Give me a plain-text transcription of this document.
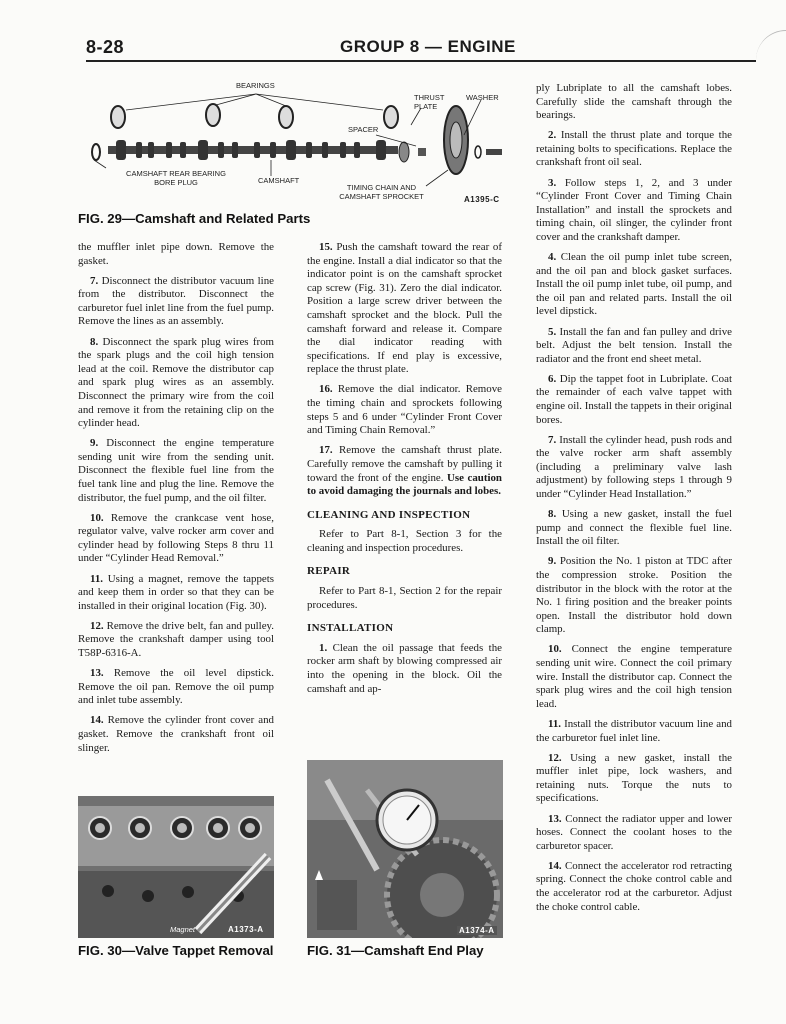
8-28	GROUP 8 — ENGINE
BEARINGS
THRUST PLATE
WASHER
SPACER
CAMSHAFT REAR BEARING BORE PLUG	CAMSHAFT
TIMING CHAIN AND CAMSHAFT SPROCKET	A1395-C
FIG. 29—Camshaft and Related Parts

the muffler inlet pipe down. Remove the gasket.

7. Disconnect the distributor vacuum line from the distributor. Disconnect the carburetor fuel inlet line from the fuel pump. Remove the lines as an assembly.

8. Disconnect the spark plug wires from the spark plugs and the coil high tension lead at the coil. Remove the distributor cap and spark plug wires as an assembly. Disconnect the primary wire from the coil and remove it from the retaining clip on the cylinder head.

9. Disconnect the engine temperature sending unit wire from the sending unit. Disconnect the flexible fuel line from the fuel tank line and plug the line. Remove the distributor, the fuel pump, and the oil filter.

10. Remove the crankcase vent hose, regulator valve, valve rocker arm cover and cylinder head by following Steps 8 thru 11 under “Cylinder Head Removal.”

11. Using a magnet, remove the tappets and keep them in order so that they can be installed in their original location (Fig. 30).

12. Remove the drive belt, fan and pulley. Remove the crankshaft damper using tool T58P-6316-A.

13. Remove the oil level dipstick. Remove the oil pan. Remove the oil pump and inlet tube assembly.

14. Remove the cylinder front cover and gasket. Remove the crankshaft front oil slinger.

Magnet	A1373-A
FIG. 30—Valve Tappet Removal

15. Push the camshaft toward the rear of the engine. Install a dial indicator so that the indicator point is on the camshaft sprocket cap screw (Fig. 31). Zero the dial indicator. Position a large screw driver between the camshaft sprocket and the block. Pull the camshaft forward and release it. Compare the dial indicator reading with specifications. If end play is excessive, replace the thrust plate.

16. Remove the dial indicator. Remove the timing chain and sprockets following steps 5 and 6 under “Cylinder Front Cover and Timing Chain Removal.”

17. Remove the camshaft thrust plate. Carefully remove the camshaft by pulling it toward the front of the engine. Use caution to avoid damaging the journals and lobes.

CLEANING AND INSPECTION

Refer to Part 8-1, Section 3 for the cleaning and inspection procedures.

REPAIR

Refer to Part 8-1, Section 2 for the repair procedures.

INSTALLATION

1. Clean the oil passage that feeds the rocker arm shaft by blowing compressed air into the opening in the block. Oil the camshaft and ap-

A1374-A
FIG. 31—Camshaft End Play

ply Lubriplate to all the camshaft lobes. Carefully slide the camshaft through the bearings.

2. Install the thrust plate and torque the retaining bolts to specifications. Replace the crankshaft front oil seal.

3. Follow steps 1, 2, and 3 under “Cylinder Front Cover and Timing Chain Installation” and install the sprockets and timing chain, oil slinger, the cylinder front cover and the crankshaft damper.

4. Clean the oil pump inlet tube screen, and the oil pan and block gasket surfaces. Install the oil pump inlet tube, oil pump, and the oil pan and related parts. Install the oil level dipstick.

5. Install the fan and fan pulley and drive belt. Adjust the belt tension. Install the radiator and the front end sheet metal.

6. Dip the tappet foot in Lubriplate. Coat the remainder of each valve tappet with engine oil. Install the tappets in their original bores.

7. Install the cylinder head, push rods and the valve rocker arm shaft assembly (including a preliminary valve lash adjustment) by following steps 1 through 9 under “Cylinder Head Installation.”

8. Using a new gasket, install the fuel pump and connect the flexible fuel line. Install the oil filter.

9. Position the No. 1 piston at TDC after the compression stroke. Position the distributor in the block with the rotor at the No. 1 firing position and the breaker points open. Install the distributor hold down clamp.

10. Connect the engine temperature sending unit wire. Connect the coil primary wire. Install the distributor cap. Connect the spark plug wires and the coil high tension lead.

11. Install the distributor vacuum line and the carburetor fuel inlet line.

12. Using a new gasket, install the muffler inlet pipe, lock washers, and retaining nuts. Torque the nuts to specifications.

13. Connect the radiator upper and lower hoses. Connect the coolant hoses to the carburetor spacer.

14. Connect the accelerator rod retracting spring. Connect the choke control cable and the accelerator rod at the carburetor. Adjust the choke control cable.
